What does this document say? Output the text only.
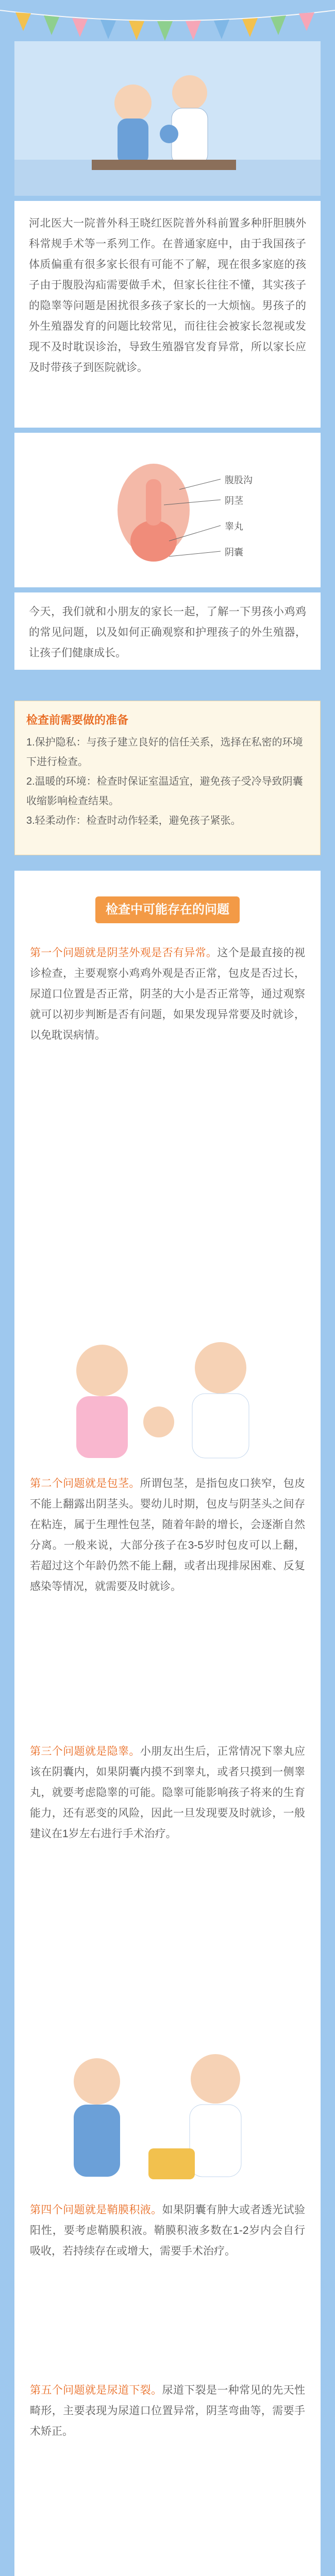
河北医大一院普外科王晓红医院普外科前置多种肝胆胰外科常规手术等一系列工作。在普通家庭中，由于我国孩子体质偏重有很多家长很有可能不了解，现在很多家庭的孩子由于腹股沟疝需要做手术，但家长往往不懂，其实孩子的隐睾等问题是困扰很多孩子家长的一大烦恼。男孩子的外生殖器发育的问题比较常见，而往往会被家长忽视或发现不及时耽误诊治，导致生殖器官发育异常，所以家长应及时带孩子到医院就诊。

腹股沟
阴茎
睾丸
阴囊

今天，我们就和小朋友的家长一起，了解一下男孩小鸡鸡的常见问题，以及如何正确观察和护理孩子的外生殖器，让孩子们健康成长。

检查前需要做的准备
1.保护隐私：与孩子建立良好的信任关系，选择在私密的环境下进行检查。
2.温暖的环境：检查时保证室温适宜，避免孩子受冷导致阴囊收缩影响检查结果。
3.轻柔动作：检查时动作轻柔，避免孩子紧张。
检查中可能存在的问题
第一个问题就是阴茎外观是否有异常。这个是最直接的视诊检查，主要观察小鸡鸡外观是否正常，包皮是否过长，尿道口位置是否正常，阴茎的大小是否正常等，通过观察就可以初步判断是否有问题，如果发现异常要及时就诊，以免耽误病情。
第二个问题就是包茎。所谓包茎，是指包皮口狭窄，包皮不能上翻露出阴茎头。婴幼儿时期，包皮与阴茎头之间存在粘连，属于生理性包茎，随着年龄的增长，会逐渐自然分离。一般来说，大部分孩子在3-5岁时包皮可以上翻，若超过这个年龄仍然不能上翻，或者出现排尿困难、反复感染等情况，就需要及时就诊。
第三个问题就是隐睾。小朋友出生后，正常情况下睾丸应该在阴囊内，如果阴囊内摸不到睾丸，或者只摸到一侧睾丸，就要考虑隐睾的可能。隐睾可能影响孩子将来的生育能力，还有恶变的风险，因此一旦发现要及时就诊，一般建议在1岁左右进行手术治疗。
第四个问题就是鞘膜积液。如果阴囊有肿大或者透光试验阳性，要考虑鞘膜积液。鞘膜积液多数在1-2岁内会自行吸收，若持续存在或增大，需要手术治疗。
第五个问题就是尿道下裂。尿道下裂是一种常见的先天性畸形，主要表现为尿道口位置异常，阴茎弯曲等，需要手术矫正。
